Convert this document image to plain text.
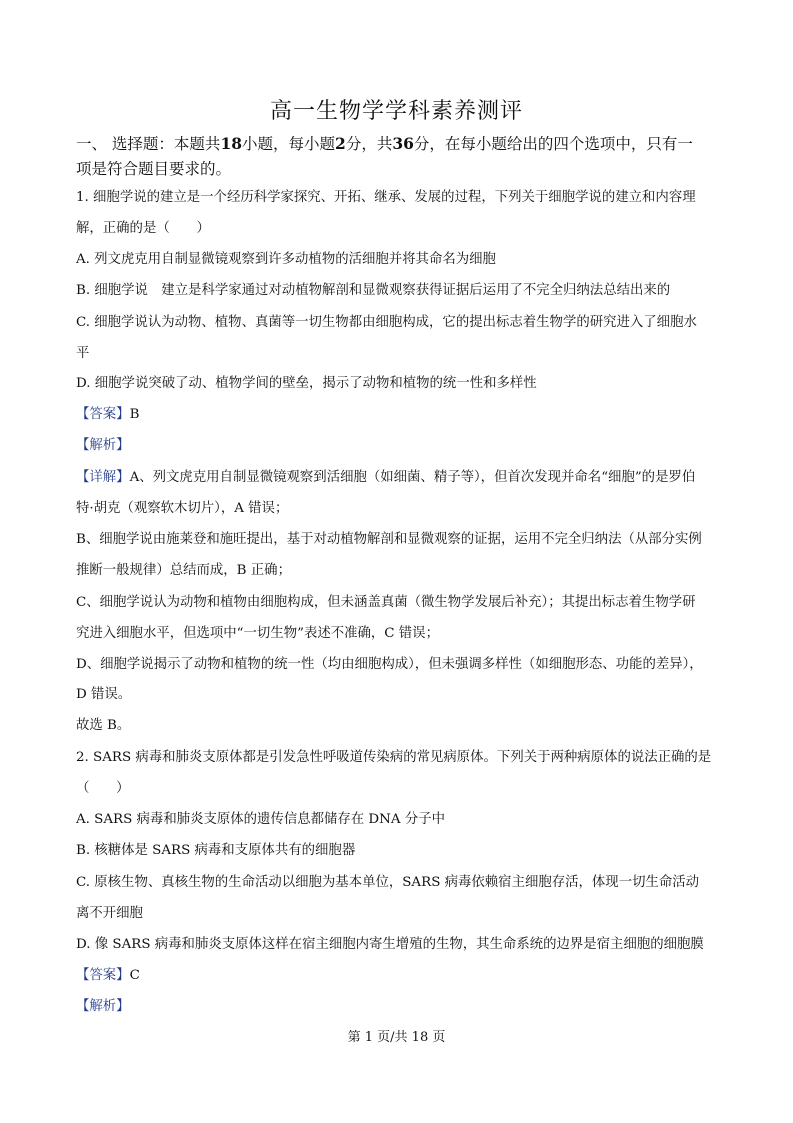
高一生物学学科素养测评
一、 选择题：本题共18小题，每小题2分，共36分，在每小题给出的四个选项中，只有一
项是符合题目要求的。
1. 细胞学说的建立是一个经历科学家探究、开拓、继承、发展的过程，下列关于细胞学说的建立和内容理
解，正确的是（　　）
A. 列文虎克用自制显微镜观察到许多动植物的活细胞并将其命名为细胞
B. 细胞学说　建立是科学家通过对动植物解剖和显微观察获得证据后运用了不完全归纳法总结出来的
C. 细胞学说认为动物、植物、真菌等一切生物都由细胞构成，它的提出标志着生物学的研究进入了细胞水
平
D. 细胞学说突破了动、植物学间的壁垒，揭示了动物和植物的统一性和多样性
【答案】B
【解析】
【详解】A、列文虎克用自制显微镜观察到活细胞（如细菌、精子等），但首次发现并命名“细胞”的是罗伯
特·胡克（观察软木切片），A 错误；
B、细胞学说由施莱登和施旺提出，基于对动植物解剖和显微观察的证据，运用不完全归纳法（从部分实例
推断一般规律）总结而成，B 正确；
C、细胞学说认为动物和植物由细胞构成，但未涵盖真菌（微生物学发展后补充）；其提出标志着生物学研
究进入细胞水平，但选项中“一切生物”表述不准确，C 错误；
D、细胞学说揭示了动物和植物的统一性（均由细胞构成），但未强调多样性（如细胞形态、功能的差异），
D 错误。
故选 B。
2. SARS 病毒和肺炎支原体都是引发急性呼吸道传染病的常见病原体。下列关于两种病原体的说法正确的是
（　　）
A. SARS 病毒和肺炎支原体的遗传信息都储存在 DNA 分子中
B. 核糖体是 SARS 病毒和支原体共有的细胞器
C. 原核生物、真核生物的生命活动以细胞为基本单位，SARS 病毒依赖宿主细胞存活，体现一切生命活动
离不开细胞
D. 像 SARS 病毒和肺炎支原体这样在宿主细胞内寄生增殖的生物，其生命系统的边界是宿主细胞的细胞膜
【答案】C
【解析】
第 1 页/共 18 页
